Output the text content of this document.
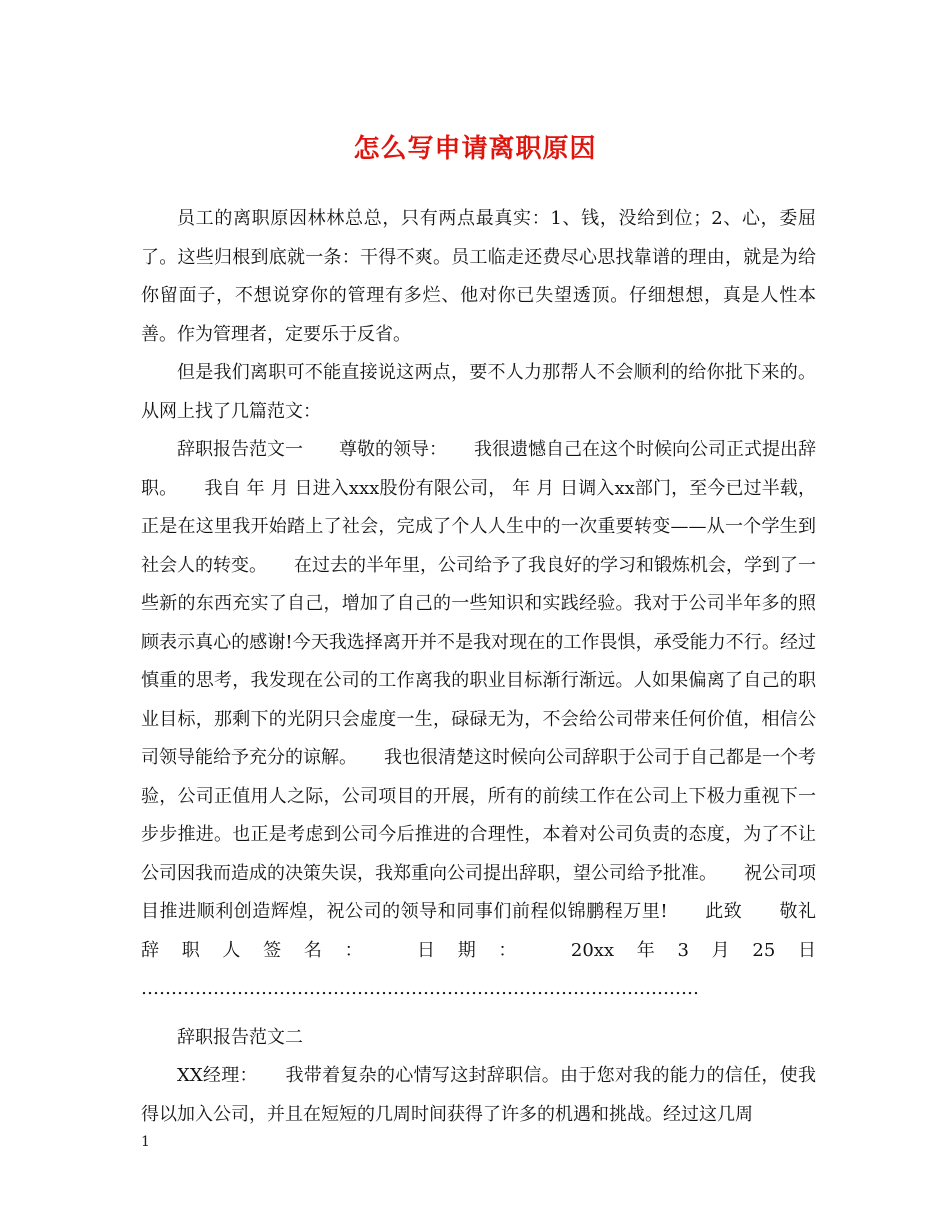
怎么写申请离职原因

员工的离职原因林林总总，只有两点最真实：1、钱，没给到位；2、心，委屈了。这些归根到底就一条：干得不爽。员工临走还费尽心思找靠谱的理由，就是为给你留面子，不想说穿你的管理有多烂、他对你已失望透顶。仔细想想，真是人性本善。作为管理者，定要乐于反省。

但是我们离职可不能直接说这两点，要不人力那帮人不会顺利的给你批下来的。从网上找了几篇范文：

辞职报告范文一　　尊敬的领导：　　我很遗憾自己在这个时候向公司正式提出辞职。　　我自 年 月 日进入xxx股份有限公司， 年 月 日调入xx部门，至今已过半载，正是在这里我开始踏上了社会，完成了个人人生中的一次重要转变——从一个学生到社会人的转变。　　在过去的半年里，公司给予了我良好的学习和锻炼机会，学到了一些新的东西充实了自己，增加了自己的一些知识和实践经验。我对于公司半年多的照顾表示真心的感谢!今天我选择离开并不是我对现在的工作畏惧，承受能力不行。经过慎重的思考，我发现在公司的工作离我的职业目标渐行渐远。人如果偏离了自己的职业目标，那剩下的光阴只会虚度一生，碌碌无为，不会给公司带来任何价值，相信公司领导能给予充分的谅解。　　我也很清楚这时候向公司辞职于公司于自己都是一个考验，公司正值用人之际，公司项目的开展，所有的前续工作在公司上下极力重视下一步步推进。也正是考虑到公司今后推进的合理性，本着对公司负责的态度，为了不让公司因我而造成的决策失误，我郑重向公司提出辞职，望公司给予批准。　　祝公司项目推进顺利创造辉煌，祝公司的领导和同事们前程似锦鹏程万里!　　此致　　敬礼　　辞职人签名：　日期：　20xx年3月25日　　…………………………………………………………………………………

辞职报告范文二

XX经理：　　我带着复杂的心情写这封辞职信。由于您对我的能力的信任，使我得以加入公司，并且在短短的几周时间获得了许多的机遇和挑战。经过这几周

1
